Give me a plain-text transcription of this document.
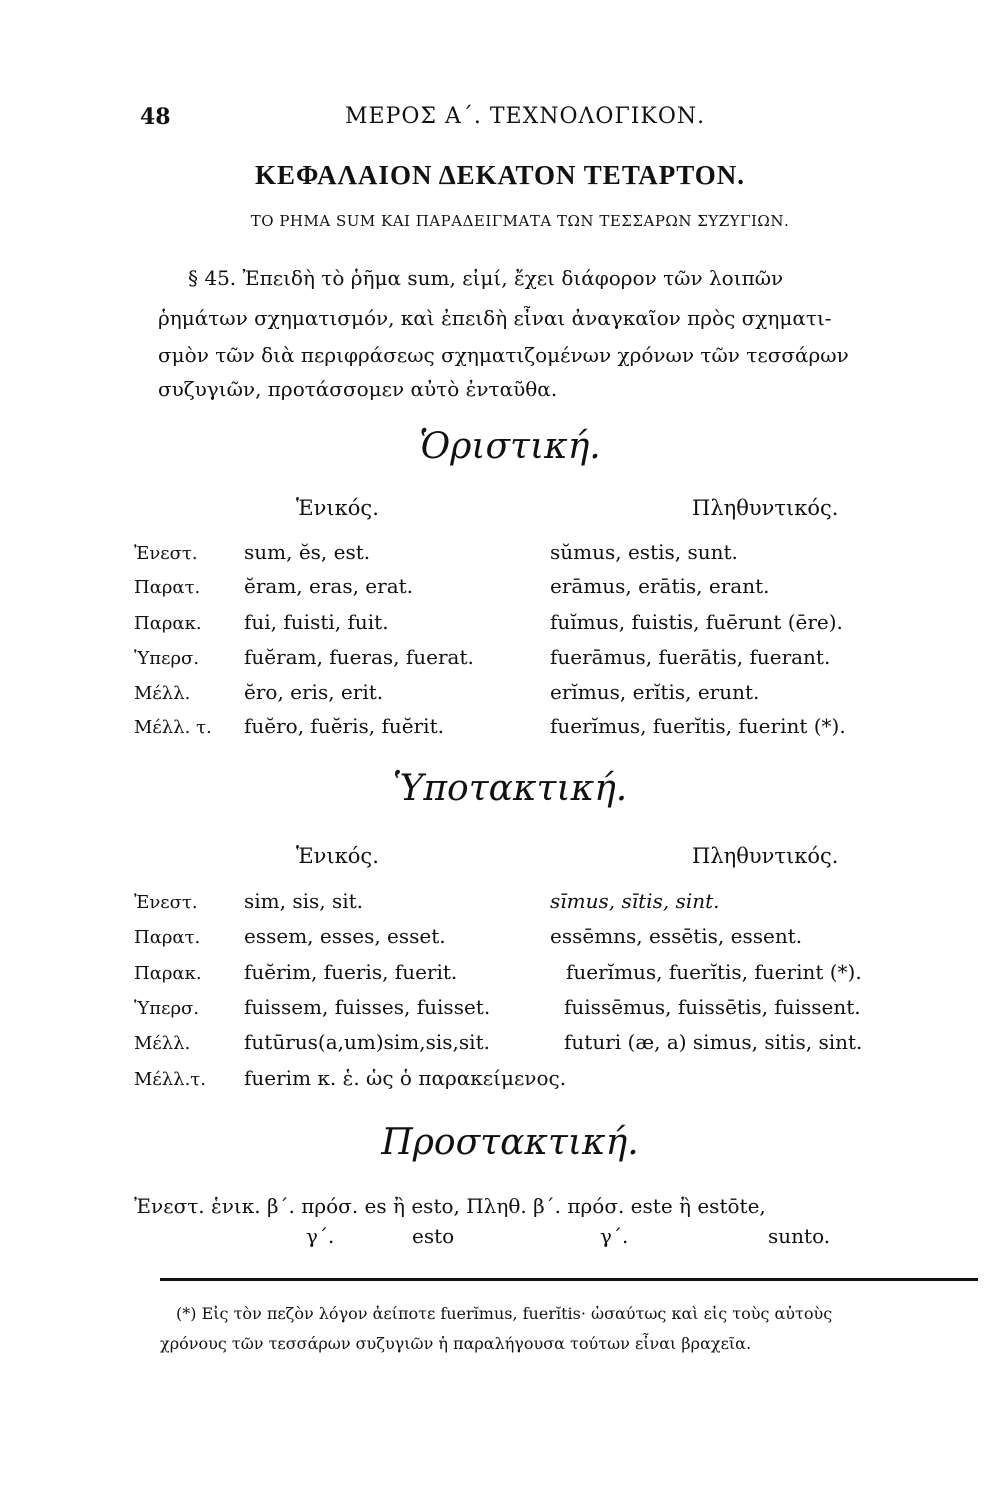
48	ΜΕΡΟΣ Α΄. ΤΕΧΝΟΛΟΓΙΚΟΝ.
ΚΕΦΑΛΑΙΟΝ ΔΕΚΑΤΟΝ ΤΕΤΑΡΤΟΝ.
ΤΟ ΡΗΜΑ SUM ΚΑΙ ΠΑΡΑΔΕΙΓΜΑΤΑ ΤΩΝ ΤΕΣΣΑΡΩΝ ΣΥΖΥΓΙΩΝ.
§ 45. Ἐπειδὴ τὸ ῥῆμα sum, εἰμί, ἔχει διάφορον τῶν λοιπῶν
ῥημάτων σχηματισμόν, καὶ ἐπειδὴ εἶναι ἀναγκαῖον πρὸς σχηματι-
σμὸν τῶν διὰ περιφράσεως σχηματιζομένων χρόνων τῶν τεσσάρων
συζυγιῶν, προτάσσομεν αὐτὸ ἐνταῦθα.
Ὁριστική.
Ἑνικός.	Πληθυντικός.
Ἐνεστ. sum, ĕs, est.	sŭmus, estis, sunt.
Παρατ. ĕram, eras, erat.	erāmus, erātis, erant.
Παρακ. fui, fuisti, fuit.	fuĭmus, fuistis, fuērunt (ēre).
Ὑπερσ. fuĕram, fueras, fuerat.	fuerāmus, fuerātis, fuerant.
Μέλλ.	ĕro, eris, erit.	erĭmus, erĭtis, erunt.
Μέλλ. τ. fuĕro, fuĕris, fuĕrit.	fuerĭmus, fuerĭtis, fuerint (*).
Ὑποτακτική.
Ἑνικός.	Πληθυντικός.
Ἐνεστ. sim, sis, sit.	sīmus, sītis, sint.
Παρατ. essem, esses, esset.	essēmns, essētis, essent.
Παρακ. fuĕrim, fueris, fuerit.	fuerĭmus, fuerĭtis, fuerint (*).
Ὑπερσ. fuissem, fuisses, fuisset.	fuissēmus, fuissētis, fuissent.
Μέλλ.	futūrus(a,um)sim,sis,sit.	futuri (æ, a) simus, sitis, sint.
Μέλλ.τ. fuerim κ. ἑ. ὡς ὁ παρακείμενος.
Προστακτική.
Ἐνεστ. ἑνικ. β΄. πρόσ. es ἢ esto, Πληθ. β΄. πρόσ. este ἢ estōte,
γ΄.	esto	γ΄.	sunto.
(*) Εἰς τὸν πεζὸν λόγον ἀείποτε fuerĭmus, fuerĭtis· ὡσαύτως καὶ εἰς τοὺς αὐτοὺς
χρόνους τῶν τεσσάρων συζυγιῶν ἡ παραλήγουσα τούτων εἶναι βραχεῖα.
